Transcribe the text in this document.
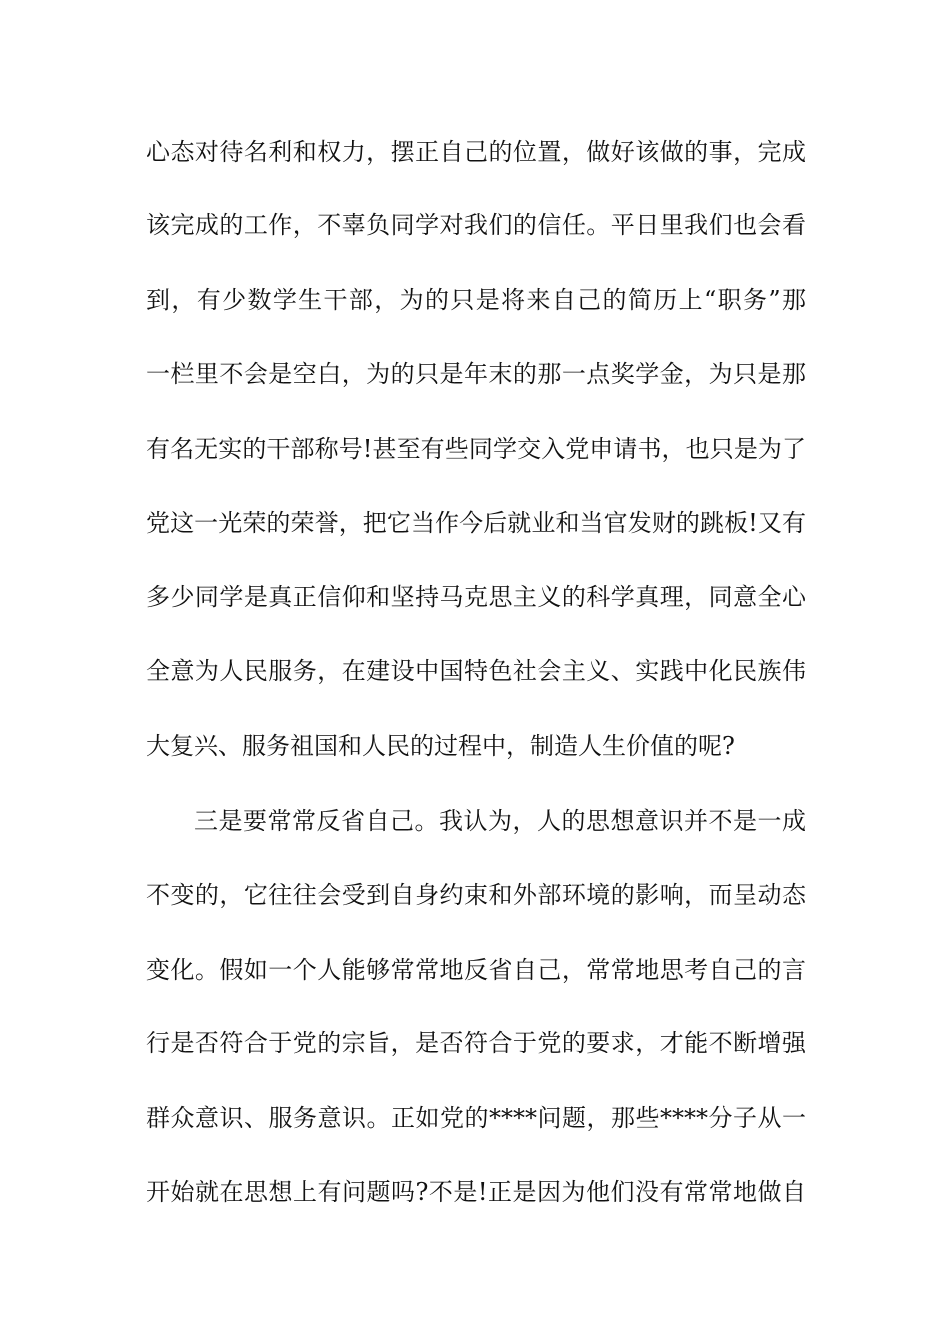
心态对待名利和权力，摆正自己的位置，做好该做的事，完成
该完成的工作，不辜负同学对我们的信任。平日里我们也会看
到，有少数学生干部，为的只是将来自己的简历上“职务”那
一栏里不会是空白，为的只是年末的那一点奖学金，为只是那
有名无实的干部称号!甚至有些同学交入党申请书，也只是为了
党这一光荣的荣誉，把它当作今后就业和当官发财的跳板!又有
多少同学是真正信仰和坚持马克思主义的科学真理，同意全心
全意为人民服务，在建设中国特色社会主义、实践中化民族伟
大复兴、服务祖国和人民的过程中，制造人生价值的呢?
三是要常常反省自己。我认为，人的思想意识并不是一成
不变的，它往往会受到自身约束和外部环境的影响，而呈动态
变化。假如一个人能够常常地反省自己，常常地思考自己的言
行是否符合于党的宗旨，是否符合于党的要求，才能不断增强
群众意识、服务意识。正如党的****问题，那些****分子从一
开始就在思想上有问题吗?不是!正是因为他们没有常常地做自
